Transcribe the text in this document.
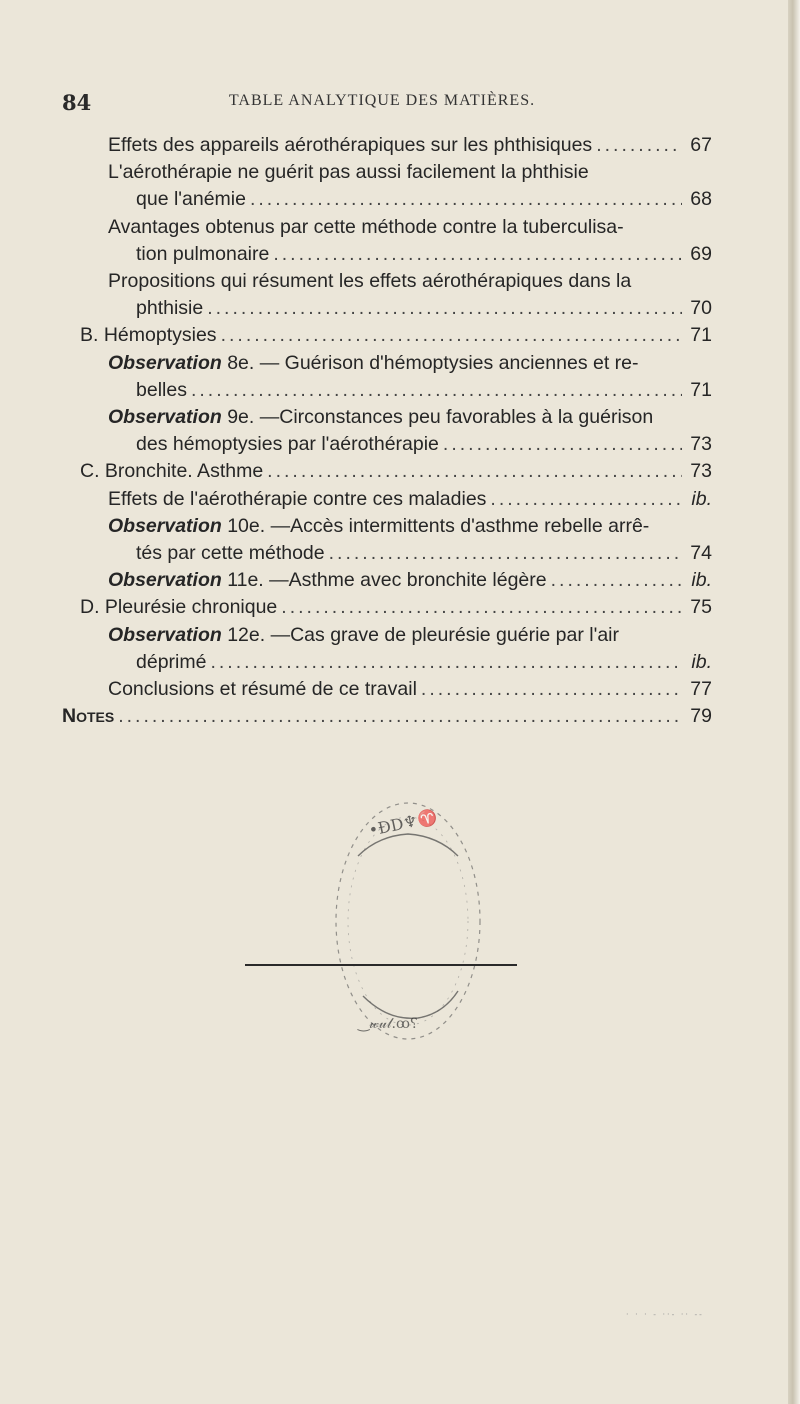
84	TABLE ANALYTIQUE DES MATIÈRES.
Effets des appareils aérothérapiques sur les phthisiques .....	67
L'aérothérapie ne guérit pas aussi facilement la phthisie
que l'anémie .....	68
Avantages obtenus par cette méthode contre la tuberculisa-
tion pulmonaire .....	69
Propositions qui résument les effets aérothérapiques dans la
phthisie .....	70
B. Hémoptysies .....	71
Observation 8e. — Guérison d'hémoptysies anciennes et re-
belles .....	71
Observation 9e. —Circonstances peu favorables à la guérison
des hémoptysies par l'aérothérapie .....	73
C. Bronchite. Asthme .....	73
Effets de l'aérothérapie contre ces maladies .....	ib.
Observation 10e. —Accès intermittents d'asthme rebelle arrê-
tés par cette méthode .....	74
Observation 11e. —Asthme avec bronchite légère .....	ib.
D. Pleurésie chronique .....	75
Observation 12e. —Cas grave de pleurésie guérie par l'air
déprimé .....	ib.
Conclusions et résumé de ce travail .....	77
Notes .....	79
•ĐD♆♈
‿𝓌𝓊𝓁.ꝏ⸮
· · · - ··- ·· --
